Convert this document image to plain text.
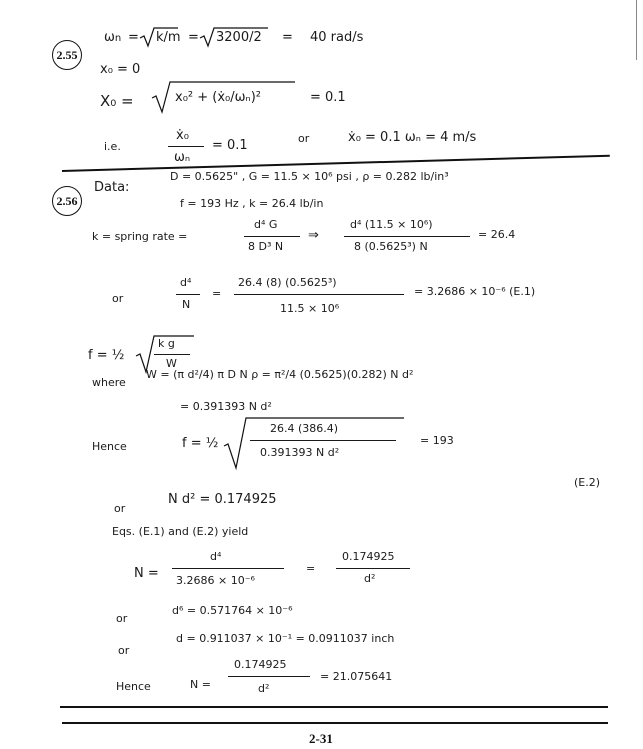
2.55
ωn = k/m = 3200/2 = 40 rad/s
x₀ = 0
X₀ =	x₀² + (ẋ₀/ωₙ)²	= 0.1
i.e.
ẋ₀
ωₙ
= 0.1	or	ẋ₀ = 0.1 ωₙ = 4 m/s
2.56
Data:
D = 0.5625" , G = 11.5 × 10⁶ psi , ρ = 0.282 lb/in³
f = 193 Hz , k = 26.4 lb/in
k = spring rate =
d⁴ G
8 D³ N
⇒
d⁴ (11.5 × 10⁶)
8 (0.5625³) N
= 26.4
or
d⁴
N
=
26.4 (8) (0.5625³)
11.5 × 10⁶
= 3.2686 × 10⁻⁶ (E.1)
f = ½
k g
W
where
W = (π d²/4) π D N ρ = π²/4 (0.5625)(0.282) N d²
= 0.391393 N d²
Hence	f = ½
26.4 (386.4)
0.391393 N d²
= 193
(E.2)
or
N d² = 0.174925
Eqs. (E.1) and (E.2) yield
N =
d⁴
3.2686 × 10⁻⁶
=
0.174925
d²
or
d⁶ = 0.571764 × 10⁻⁶
or
d = 0.911037 × 10⁻¹ = 0.0911037 inch
Hence	N =
0.174925
d²
= 21.075641
2-31
